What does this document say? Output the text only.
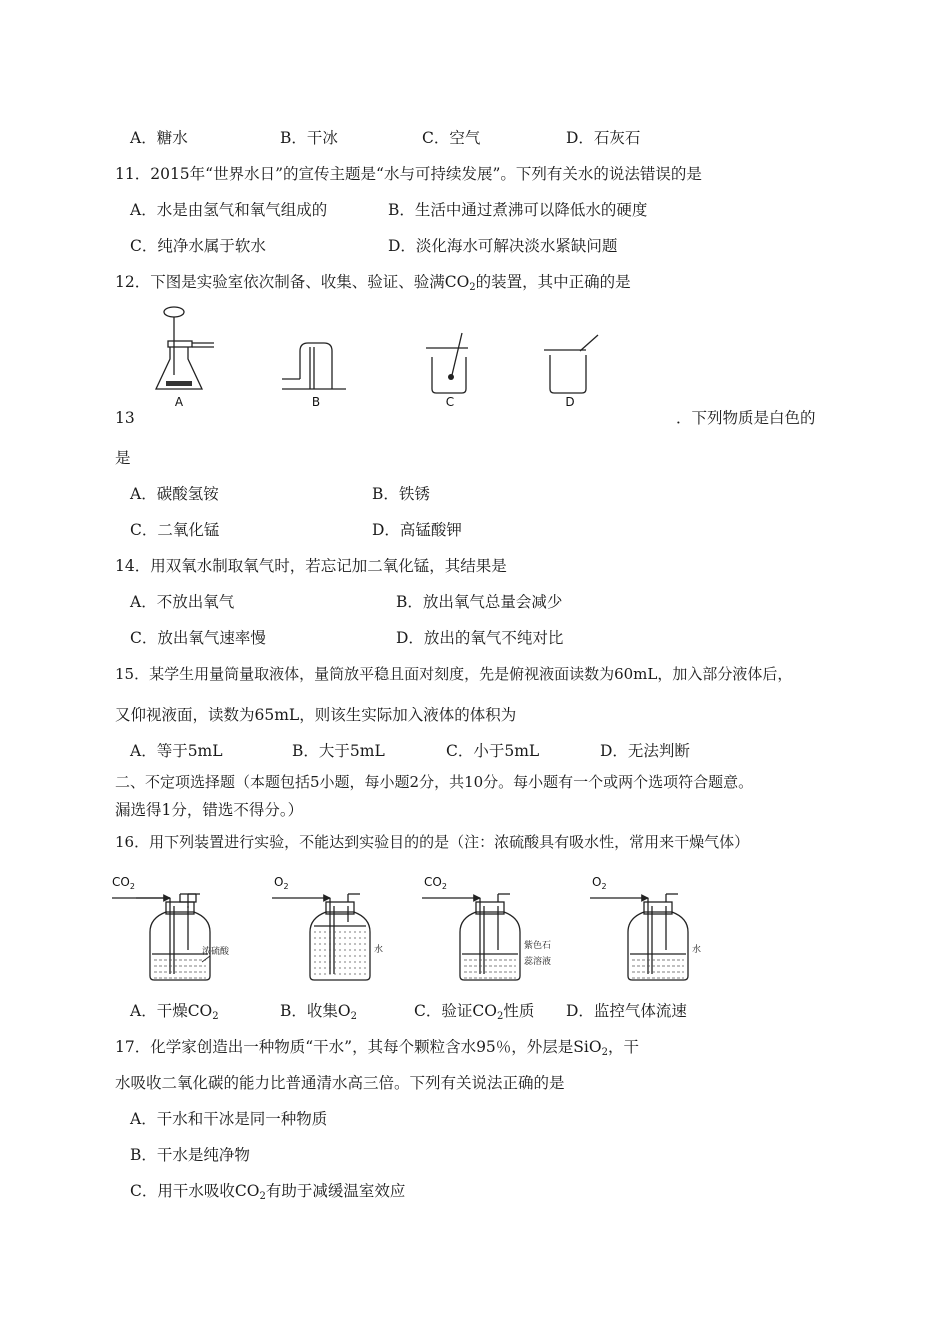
A．糖水	B．干冰	C．空气	D．石灰石
11．2015年“世界水日”的宣传主题是“水与可持续发展”。下列有关水的说法错误的是
A．水是由氢气和氧气组成的	B．生活中通过煮沸可以降低水的硬度
C．纯净水属于软水	D．淡化海水可解决淡水紧缺问题
12．下图是实验室依次制备、收集、验证、验满$CO_2$的装置，其中正确的是
A	B	C	D
13	．下列物质是白色的
是
A．碳酸氢铵	B．铁锈
C．二氧化锰	D．高锰酸钾
14．用双氧水制取氧气时，若忘记加二氧化锰，其结果是
A．不放出氧气	B．放出氧气总量会减少
C．放出氧气速率慢	D．放出的氧气不纯对比
15．某学生用量筒量取液体，量筒放平稳且面对刻度，先是俯视液面读数为60mL，加入部分液体后，
又仰视液面，读数为65mL，则该生实际加入液体的体积为
A．等于5mL	B．大于5mL	C．小于5mL	D．无法判断
二、不定项选择题（本题包括5小题，每小题2分，共10分。每小题有一个或两个选项符合题意。
漏选得1分，错选不得分。）
16．用下列装置进行实验，不能达到实验目的的是（注：浓硫酸具有吸水性，常用来干燥气体）
$CO_2$
浓硫酸
$O_2$
水
$CO_2$
紫色石
蕊溶液
$O_2$
水
A．干燥$CO_2$	B．收集$O_2$	C．验证$CO_2$性质 D．监控气体流速
17．化学家创造出一种物质“干水”，其每个颗粒含水95％，外层是SiO$_2$，干
水吸收二氧化碳的能力比普通清水高三倍。下列有关说法正确的是
A．干水和干冰是同一种物质
B．干水是纯净物
C．用干水吸收$CO_2$有助于减缓温室效应
